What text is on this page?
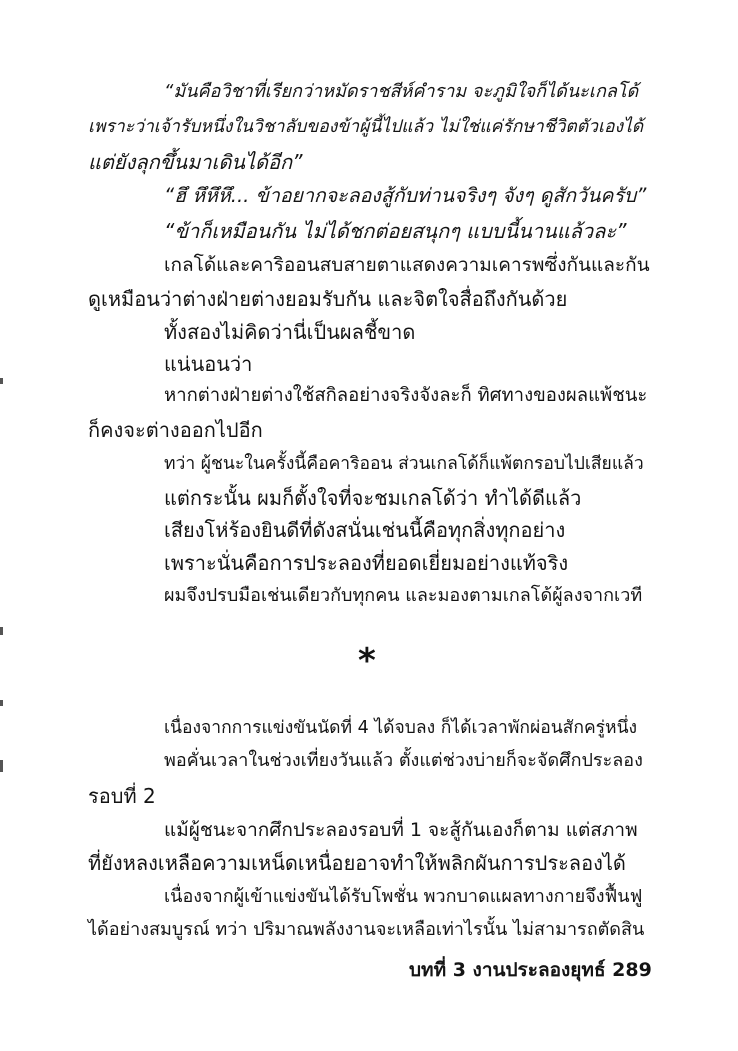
“มันคือวิชาที่เรียกว่าหมัดราชสีห์คำราม จะภูมิใจก็ได้นะเกลโด้
เพราะว่าเจ้ารับหนึ่งในวิชาลับของข้าผู้นี้ไปแล้ว ไม่ใช่แค่รักษาชีวิตตัวเองได้
แต่ยังลุกขึ้นมาเดินได้อีก”
“ฮึ หึหึหึ... ข้าอยากจะลองสู้กับท่านจริงๆ จังๆ ดูสักวันครับ”
“ข้าก็เหมือนกัน ไม่ได้ชกต่อยสนุกๆ แบบนี้นานแล้วละ”
เกลโด้และคาริออนสบสายตาแสดงความเคารพซึ่งกันและกัน
ดูเหมือนว่าต่างฝ่ายต่างยอมรับกัน และจิตใจสื่อถึงกันด้วย
ทั้งสองไม่คิดว่านี่เป็นผลชี้ขาด
แน่นอนว่า
หากต่างฝ่ายต่างใช้สกิลอย่างจริงจังละก็ ทิศทางของผลแพ้ชนะ
ก็คงจะต่างออกไปอีก
ทว่า ผู้ชนะในครั้งนี้คือคาริออน ส่วนเกลโด้ก็แพ้ตกรอบไปเสียแล้ว
แต่กระนั้น ผมก็ตั้งใจที่จะชมเกลโด้ว่า ทำได้ดีแล้ว
เสียงโห่ร้องยินดีที่ดังสนั่นเช่นนี้คือทุกสิ่งทุกอย่าง
เพราะนั่นคือการประลองที่ยอดเยี่ยมอย่างแท้จริง
ผมจึงปรบมือเช่นเดียวกับทุกคน และมองตามเกลโด้ผู้ลงจากเวที
*
เนื่องจากการแข่งขันนัดที่ 4 ได้จบลง ก็ได้เวลาพักผ่อนสักครู่หนึ่ง
พอคั่นเวลาในช่วงเที่ยงวันแล้ว ตั้งแต่ช่วงบ่ายก็จะจัดศึกประลอง
รอบที่ 2
แม้ผู้ชนะจากศึกประลองรอบที่ 1 จะสู้กันเองก็ตาม แต่สภาพ
ที่ยังหลงเหลือความเหน็ดเหนื่อยอาจทำให้พลิกผันการประลองได้
เนื่องจากผู้เข้าแข่งขันได้รับโพชั่น พวกบาดแผลทางกายจึงฟื้นฟู
ได้อย่างสมบูรณ์ ทว่า ปริมาณพลังงานจะเหลือเท่าไรนั้น ไม่สามารถตัดสิน
บทที่ 3 งานประลองยุทธ์ 289
